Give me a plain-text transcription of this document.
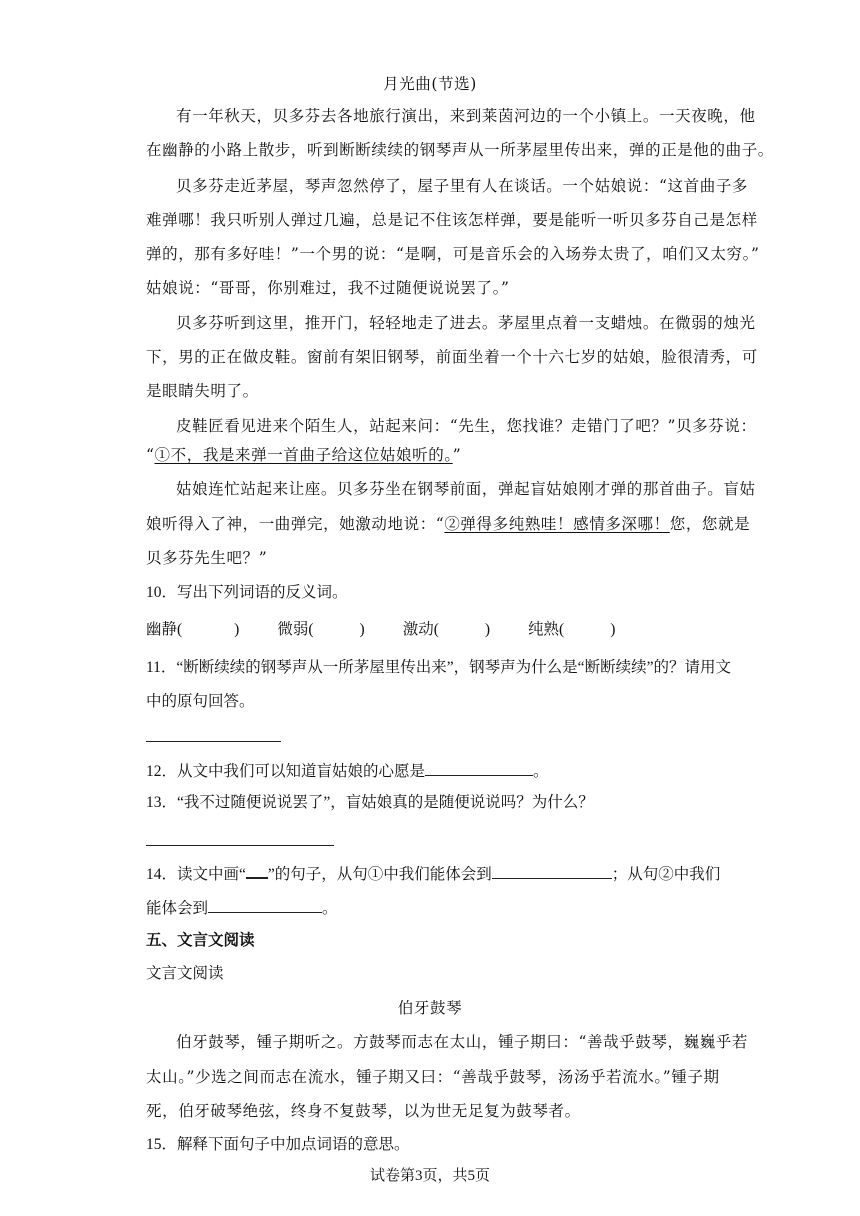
月光曲(节选)
有一年秋天，贝多芬去各地旅行演出，来到莱茵河边的一个小镇上。一天夜晚，他
在幽静的小路上散步，听到断断续续的钢琴声从一所茅屋里传出来，弹的正是他的曲子。
贝多芬走近茅屋，琴声忽然停了，屋子里有人在谈话。一个姑娘说：“这首曲子多
难弹哪！我只听别人弹过几遍，总是记不住该怎样弹，要是能听一听贝多芬自己是怎样
弹的，那有多好哇！”一个男的说：“是啊，可是音乐会的入场券太贵了，咱们又太穷。”
姑娘说：“哥哥，你别难过，我不过随便说说罢了。”
贝多芬听到这里，推开门，轻轻地走了进去。茅屋里点着一支蜡烛。在微弱的烛光
下，男的正在做皮鞋。窗前有架旧钢琴，前面坐着一个十六七岁的姑娘，脸很清秀，可
是眼睛失明了。
皮鞋匠看见进来个陌生人，站起来问：“先生，您找谁？走错门了吧？”贝多芬说：
“①不，我是来弹一首曲子给这位姑娘听的。”
姑娘连忙站起来让座。贝多芬坐在钢琴前面，弹起盲姑娘刚才弹的那首曲子。盲姑
娘听得入了神，一曲弹完，她激动地说：“②弹得多纯熟哇！感情多深哪！您，您就是
贝多芬先生吧？”
10．写出下列词语的反义词。
幽静(	) 微弱(	) 激动(	) 纯熟(	)
11．“断断续续的钢琴声从一所茅屋里传出来”，钢琴声为什么是“断断续续”的？请用文
中的原句回答。
12．从文中我们可以知道盲姑娘的心愿是	。
13．“我不过随便说说罢了”，盲姑娘真的是随便说说吗？为什么？
14．读文中画“ ”的句子，从句①中我们能体会到	；从句②中我们
能体会到	。
五、文言文阅读
文言文阅读
伯牙鼓琴
伯牙鼓琴，锺子期听之。方鼓琴而志在太山，锺子期曰：“善哉乎鼓琴，巍巍乎若
太山。”少选之间而志在流水，锺子期又曰：“善哉乎鼓琴，汤汤乎若流水。”锺子期
死，伯牙破琴绝弦，终身不复鼓琴，以为世无足复为鼓琴者。
15．解释下面句子中加点词语的意思。
试卷第3页，共5页
